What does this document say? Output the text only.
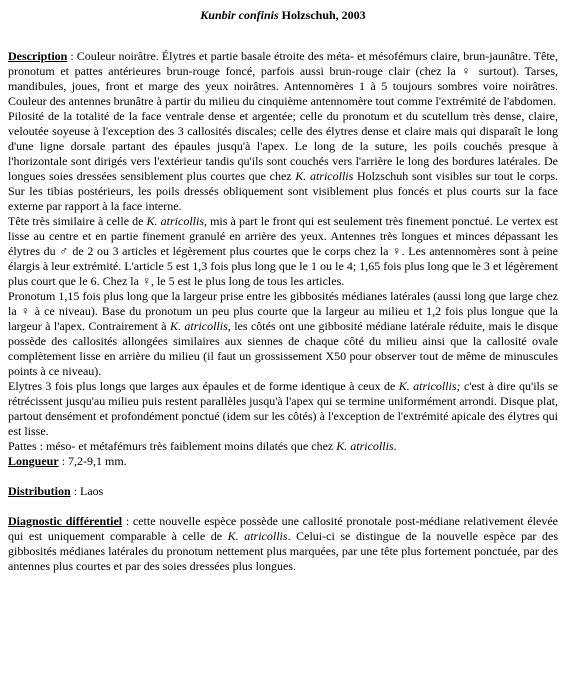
Kunbir confinis Holzschuh, 2003

Description : Couleur noirâtre. Élytres et partie basale étroite des méta- et mésofémurs claire, brun-jaunâtre. Tête, pronotum et pattes antérieures brun-rouge foncé, parfois aussi brun-rouge clair (chez la ♀ surtout). Tarses, mandibules, joues, front et marge des yeux noirâtres. Antennomères 1 à 5 toujours sombres voire noirâtres. Couleur des antennes brunâtre à partir du milieu du cinquième antennomère tout comme l'extrémité de l'abdomen.

Pilosité de la totalité de la face ventrale dense et argentée; celle du pronotum et du scutellum très dense, claire, veloutée soyeuse à l'exception des 3 callosités discales; celle des élytres dense et claire mais qui disparaît le long d'une ligne dorsale partant des épaules jusqu'à l'apex. Le long de la suture, les poils couchés presque à l'horizontale sont dirigés vers l'extérieur tandis qu'ils sont couchés vers l'arrière le long des bordures latérales. De longues soies dressées sensiblement plus courtes que chez K. atricollis Holzschuh sont visibles sur tout le corps. Sur les tibias postérieurs, les poils dressés obliquement sont visiblement plus foncés et plus courts sur la face externe par rapport à la face interne.

Tête très similaire à celle de K. atricollis, mis à part le front qui est seulement très finement ponctué. Le vertex est lisse au centre et en partie finement granulé en arrière des yeux. Antennes très longues et minces dépassant les élytres du ♂ de 2 ou 3 articles et légèrement plus courtes que le corps chez la ♀. Les antennomères sont à peine élargis à leur extrémité. L'article 5 est 1,3 fois plus long que le 1 ou le 4; 1,65 fois plus long que le 3 et légèrement plus court que le 6. Chez la ♀, le 5 est le plus long de tous les articles.

Pronotum 1,15 fois plus long que la largeur prise entre les gibbosités médianes latérales (aussi long que large chez la ♀ à ce niveau). Base du pronotum un peu plus courte que la largeur au milieu et 1,2 fois plus longue que la largeur à l'apex. Contrairement à K. atricollis, les côtés ont une gibbosité médiane latérale réduite, mais le disque possède des callosités allongées similaires aux siennes de chaque côté du milieu ainsi que la callosité ovale complètement lisse en arrière du milieu (il faut un grossissement X50 pour observer tout de même de minuscules points à ce niveau).

Elytres 3 fois plus longs que larges aux épaules et de forme identique à ceux de K. atricollis; c'est à dire qu'ils se rétrécissent jusqu'au milieu puis restent parallèles jusqu'à l'apex qui se termine uniformément arrondi. Disque plat, partout densément et profondément ponctué (idem sur les côtés) à l'exception de l'extrémité apicale des élytres qui est lisse.

Pattes : méso- et métafémurs très faiblement moins dilatés que chez K. atricollis.

Longueur : 7,2-9,1 mm.

Distribution : Laos

Diagnostic différentiel : cette nouvelle espèce possède une callosité pronotale post-médiane relativement élevée qui est uniquement comparable à celle de K. atricollis. Celui-ci se distingue de la nouvelle espèce par des gibbosités médianes latérales du pronotum nettement plus marquées, par une tête plus fortement ponctuée, par des antennes plus courtes et par des soies dressées plus longues.
